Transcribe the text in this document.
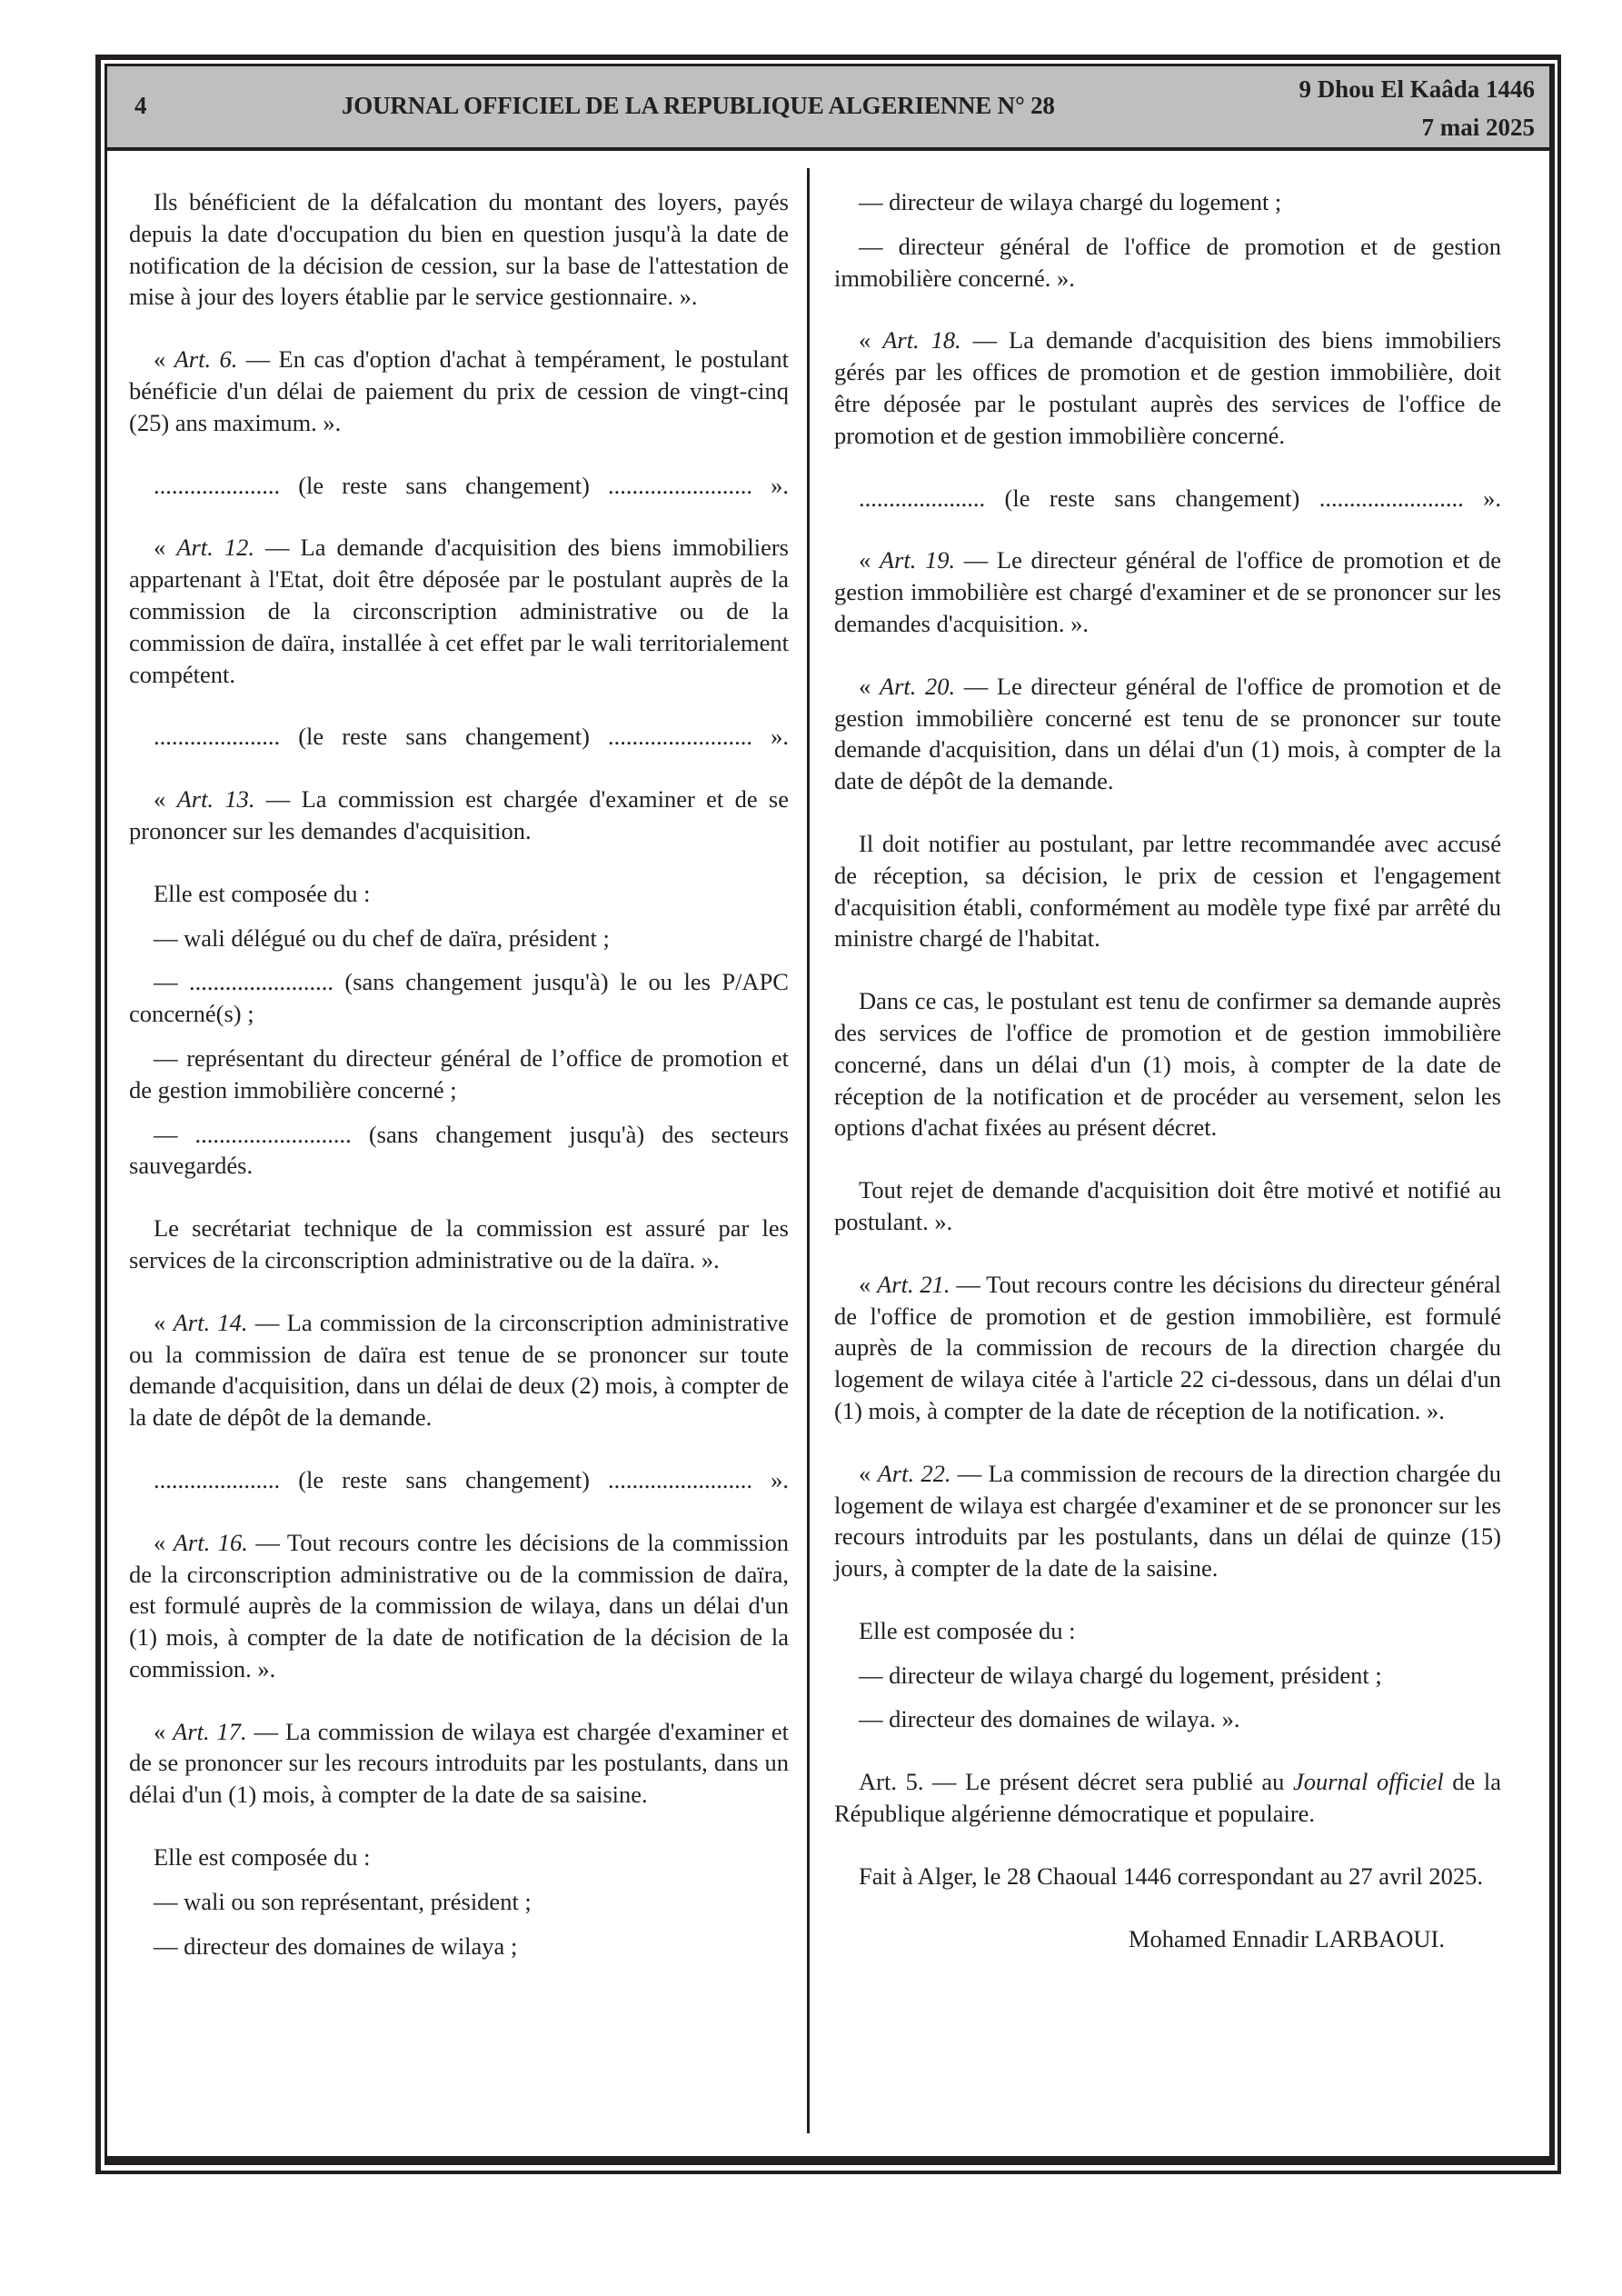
4	JOURNAL OFFICIEL DE LA REPUBLIQUE ALGERIENNE N° 28
9 Dhou El Kaâda 1446
7 mai 2025

Ils bénéficient de la défalcation du montant des loyers, payés depuis la date d'occupation du bien en question jusqu'à la date de notification de la décision de cession, sur la base de l'attestation de mise à jour des loyers établie par le service gestionnaire. ».

« Art. 6. — En cas d'option d'achat à tempérament, le postulant bénéficie d'un délai de paiement du prix de cession de vingt-cinq (25) ans maximum. ».

..................... (le reste sans changement) ........................ ».

« Art. 12. — La demande d'acquisition des biens immobiliers appartenant à l'Etat, doit être déposée par le postulant auprès de la commission de la circonscription administrative ou de la commission de daïra, installée à cet effet par le wali territorialement compétent.

..................... (le reste sans changement) ........................ ».

« Art. 13. — La commission est chargée d'examiner et de se prononcer sur les demandes d'acquisition.

Elle est composée du :

— wali délégué ou du chef de daïra, président ;

— ........................ (sans changement jusqu'à) le ou les P/APC concerné(s) ;

— représentant du directeur général de l’office de promotion et de gestion immobilière concerné ;

— .......................... (sans changement jusqu'à) des secteurs sauvegardés.

Le secrétariat technique de la commission est assuré par les services de la circonscription administrative ou de la daïra. ».

« Art. 14. — La commission de la circonscription administrative ou la commission de daïra est tenue de se prononcer sur toute demande d'acquisition, dans un délai de deux (2) mois, à compter de la date de dépôt de la demande.

..................... (le reste sans changement) ........................ ».

« Art. 16. — Tout recours contre les décisions de la commission de la circonscription administrative ou de la commission de daïra, est formulé auprès de la commission de wilaya, dans un délai d'un (1) mois, à compter de la date de notification de la décision de la commission. ».

« Art. 17. — La commission de wilaya est chargée d'examiner et de se prononcer sur les recours introduits par les postulants, dans un délai d'un (1) mois, à compter de la date de sa saisine.

Elle est composée du :

— wali ou son représentant, président ;

— directeur des domaines de wilaya ;

— directeur de wilaya chargé du logement ;

— directeur général de l'office de promotion et de gestion immobilière concerné. ».

« Art. 18. — La demande d'acquisition des biens immobiliers gérés par les offices de promotion et de gestion immobilière, doit être déposée par le postulant auprès des services de l'office de promotion et de gestion immobilière concerné.

..................... (le reste sans changement) ........................ ».

« Art. 19. — Le directeur général de l'office de promotion et de gestion immobilière est chargé d'examiner et de se prononcer sur les demandes d'acquisition. ».

« Art. 20. — Le directeur général de l'office de promotion et de gestion immobilière concerné est tenu de se prononcer sur toute demande d'acquisition, dans un délai d'un (1) mois, à compter de la date de dépôt de la demande.

Il doit notifier au postulant, par lettre recommandée avec accusé de réception, sa décision, le prix de cession et l'engagement d'acquisition établi, conformément au modèle type fixé par arrêté du ministre chargé de l'habitat.

Dans ce cas, le postulant est tenu de confirmer sa demande auprès des services de l'office de promotion et de gestion immobilière concerné, dans un délai d'un (1) mois, à compter de la date de réception de la notification et de procéder au versement, selon les options d'achat fixées au présent décret.

Tout rejet de demande d'acquisition doit être motivé et notifié au postulant. ».

« Art. 21. — Tout recours contre les décisions du directeur général de l'office de promotion et de gestion immobilière, est formulé auprès de la commission de recours de la direction chargée du logement de wilaya citée à l'article 22 ci-dessous, dans un délai d'un (1) mois, à compter de la date de réception de la notification. ».

« Art. 22. — La commission de recours de la direction chargée du logement de wilaya est chargée d'examiner et de se prononcer sur les recours introduits par les postulants, dans un délai de quinze (15) jours, à compter de la date de la saisine.

Elle est composée du :

— directeur de wilaya chargé du logement, président ;

— directeur des domaines de wilaya. ».

Art. 5. — Le présent décret sera publié au Journal officiel de la République algérienne démocratique et populaire.

Fait à Alger, le 28 Chaoual 1446 correspondant au 27 avril 2025.

Mohamed Ennadir LARBAOUI.
